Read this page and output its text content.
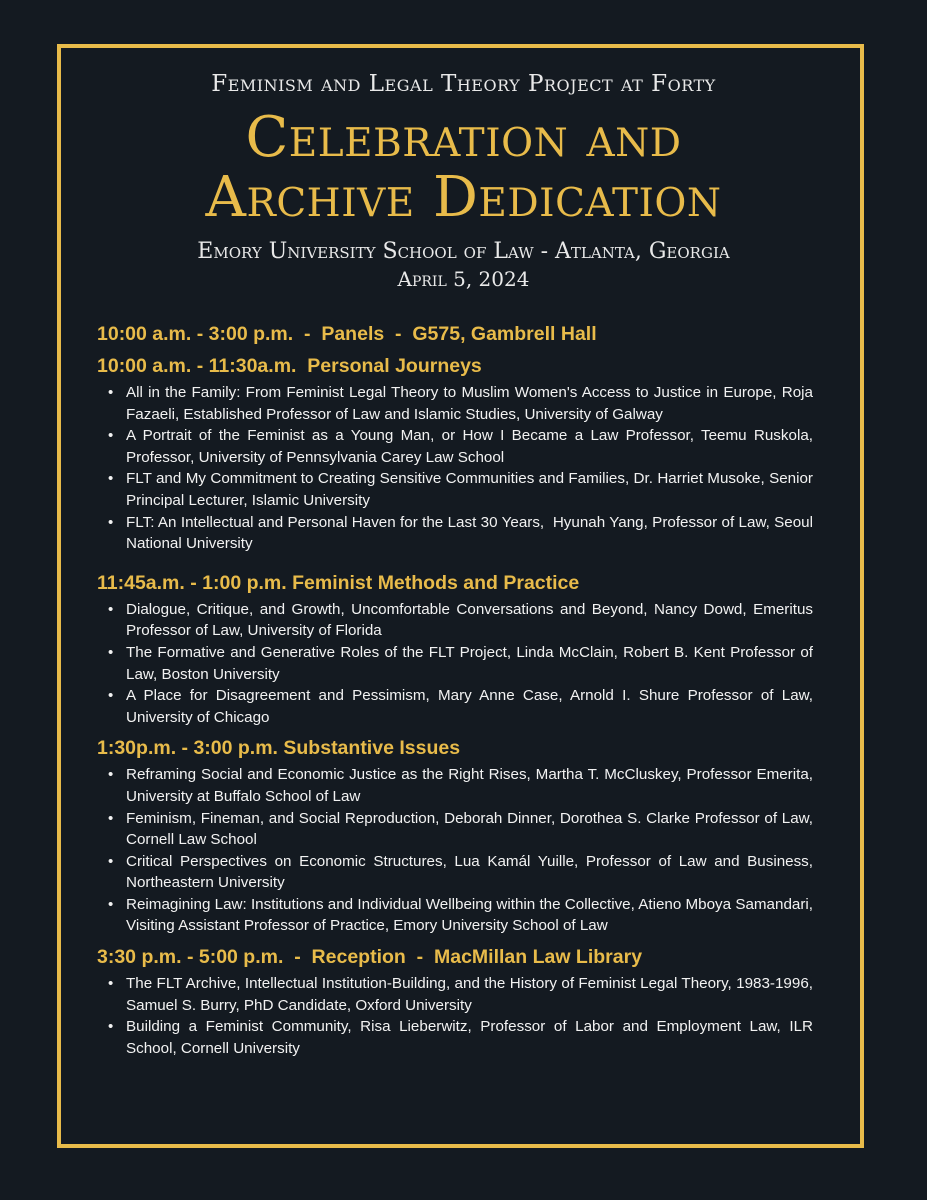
Feminism and Legal Theory Project at Forty
Celebration and
Archive Dedication
Emory University School of Law - Atlanta, Georgia
April 5, 2024
10:00 a.m. - 3:00 p.m.  -  Panels  -  G575, Gambrell Hall
10:00 a.m. - 11:30a.m.  Personal Journeys
• All in the Family: From Feminist Legal Theory to Muslim Women's Access to Justice in Europe, Roja Fazaeli, Established Professor of Law and Islamic Studies, University of Galway
• A Portrait of the Feminist as a Young Man, or How I Became a Law Professor, Teemu Ruskola, Professor, University of Pennsylvania Carey Law School
• FLT and My Commitment to Creating Sensitive Communities and Families, Dr. Harriet Musoke, Senior Principal Lecturer, Islamic University
• FLT: An Intellectual and Personal Haven for the Last 30 Years,  Hyunah Yang, Professor of Law, Seoul National University
11:45a.m. - 1:00 p.m. Feminist Methods and Practice
• Dialogue, Critique, and Growth, Uncomfortable Conversations and Beyond, Nancy Dowd, Emeritus Professor of Law, University of Florida
• The Formative and Generative Roles of the FLT Project, Linda McClain, Robert B. Kent Professor of Law, Boston University
• A Place for Disagreement and Pessimism, Mary Anne Case, Arnold I. Shure Professor of Law, University of Chicago
1:30p.m. - 3:00 p.m. Substantive Issues
• Reframing Social and Economic Justice as the Right Rises, Martha T. McCluskey, Professor Emerita, University at Buffalo School of Law
• Feminism, Fineman, and Social Reproduction, Deborah Dinner, Dorothea S. Clarke Professor of Law, Cornell Law School
• Critical Perspectives on Economic Structures, Lua Kamál Yuille, Professor of Law and Business, Northeastern University
• Reimagining Law: Institutions and Individual Wellbeing within the Collective, Atieno Mboya Samandari, Visiting Assistant Professor of Practice, Emory University School of Law
3:30 p.m. - 5:00 p.m.  -  Reception  -  MacMillan Law Library
• The FLT Archive, Intellectual Institution-Building, and the History of Feminist Legal Theory, 1983-1996, Samuel S. Burry, PhD Candidate, Oxford University
• Building a Feminist Community, Risa Lieberwitz, Professor of Labor and Employment Law, ILR School, Cornell University
